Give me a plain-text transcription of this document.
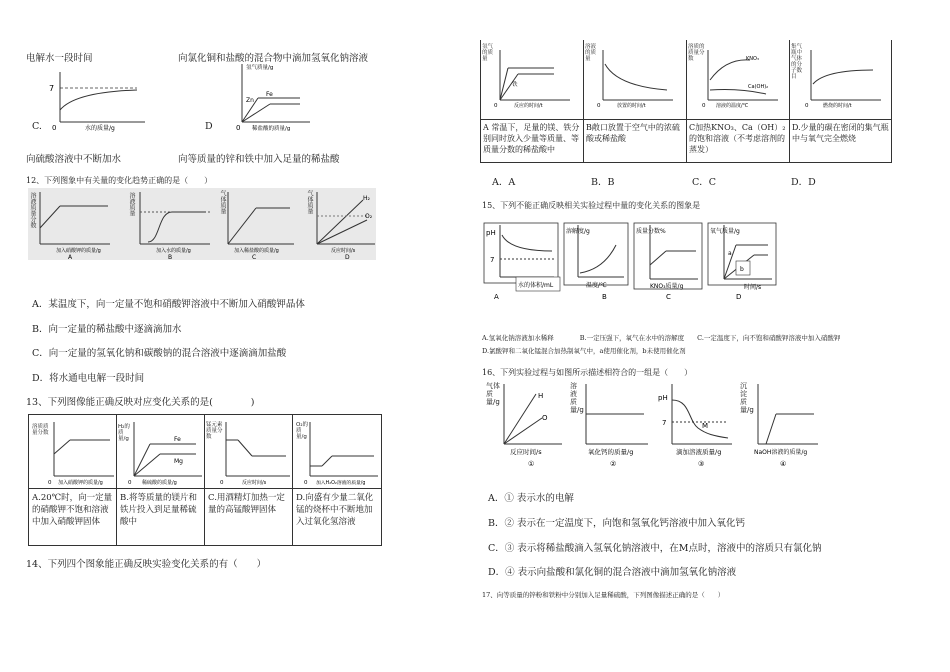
电解水一段时间	向氯化铜和盐酸的混合物中滴加氢氧化钠溶液
C.
7
0	水的质量/g	D
氢气质量/g
Zn
Fe
0 稀盐酸的质量/g
向硫酸溶液中不断加水	向等质量的锌和铁中加入足量的稀盐酸
12、下列图象中有关量的变化趋势正确的是（　　）
加入硝酸钾的质量/g
A
溶液质量分数
加入水的质量/g
B
溶液质量
加入稀盐酸的质量/g
C
气体质量	H₂
O₂
反应时间/s
D
气体质量
A．某温度下，向一定量不饱和硝酸钾溶液中不断加入硝酸钾晶体
B．向一定量的稀盐酸中逐滴滴加水
C．向一定量的氢氧化钠和碳酸钠的混合溶液中逐滴滴加盐酸
D．将水通电电解一段时间
13、下列图像能正确反映对应变化关系的是(　　　　)
0 加入硝酸钾的质量/g
溶质质量分数
Fe
Mg
0 稀硫酸的质量/g
H₂的质量/g
0	反应时间/s
锰元素质量分数
0 加入H₂O₂溶液的质量/g
O₂的质量/g
A.20℃时，向一定量的硝酸钾不饱和溶液中加入硝酸钾固体
B.将等质量的镁片和铁片投入到足量稀硫酸中
C.用酒精灯加热一定量的高锰酸钾固体
D.向盛有少量二氧化锰的烧杯中不断地加入过氧化氢溶液
14、下列四个图象能正确反映实验变化关系的有（　　）
铁
0	反应的时间/t
氢气的质量
0	放置的时间/t
溶液的质量	KNO₃
Ca(OH)₂
0 溶液的温度/℃
溶质的质量分数
0	燃烧的时间/t
集气瓶中气体的分子数目
A 常温下，足量的镁、铁分别同时放入少量等质量、等质量分数的稀盐酸中
B敞口放置于空气中的浓硫酸或稀盐酸
C加热KNO₃、Ca（OH）₂的饱和溶液（不考虑溶剂的蒸发）
D.少量的碳在密闭的集气瓶中与氧气完全燃烧
A．A	B．B	C．C	D．D
15、下列不能正确反映相关实验过程中量的变化关系的图象是
pH
7
水的体积/mL
A
溶解度/g
温度/℃
B
质量分数%
KNO₃质量/g
C
氧气质量/g
a
b
时间/s
D
A.氢氧化钠溶液加水稀释　　　　B.一定压强下，氧气在水中的溶解度　　C.一定温度下，向不饱和硝酸钾溶液中加入硝酸钾
D.氯酸钾和二氧化锰混合加热制氧气中，a使用催化剂，b未使用催化剂
16、下列实验过程与如图所示描述相符合的一组是（　　）
H
O
反应时间/s
①
气体质量/g
氧化钙的质量/g
②
溶液质量/g
pH
7	M
滴加溶液质量/g
③
NaOH溶液的质量/g
④
沉淀质量/g
A．① 表示水的电解
B．② 表示在一定温度下，向饱和氢氧化钙溶液中加入氧化钙
C．③ 表示将稀盐酸滴入氢氧化钠溶液中，在M点时，溶液中的溶质只有氯化钠
D．④ 表示向盐酸和氯化铜的混合溶液中滴加氢氧化钠溶液
17、向等质量的锌粉和铁粉中分别加入足量稀硫酸，下列图像描述正确的是（　　）
